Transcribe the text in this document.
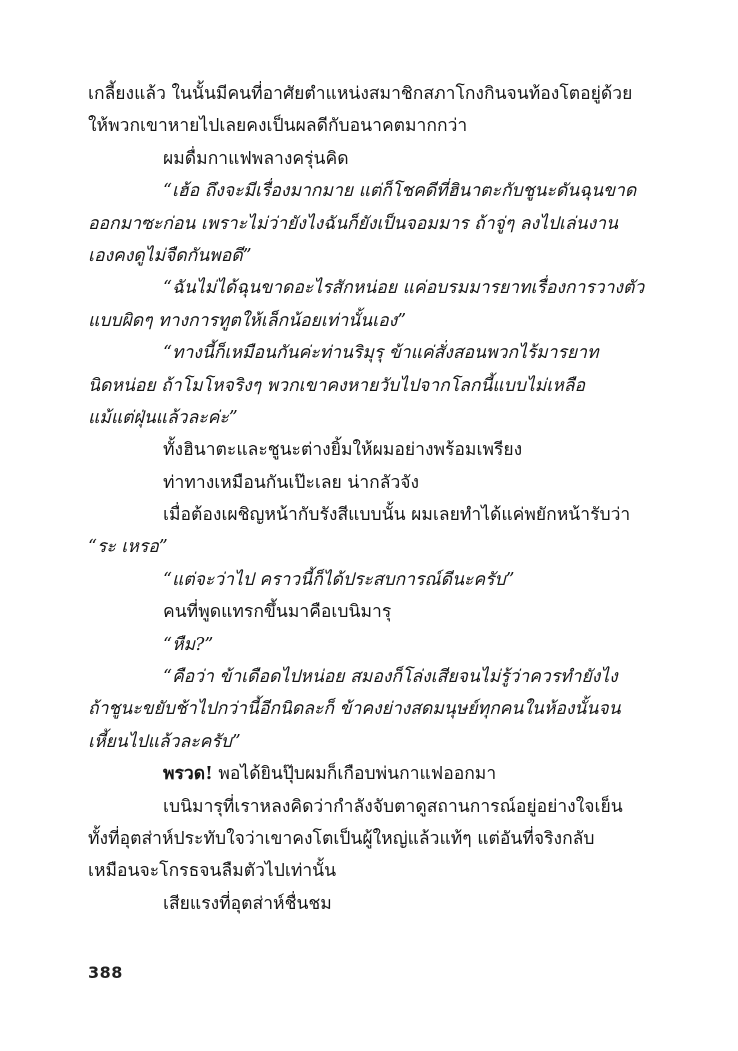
เกลี้ยงแล้ว ในนั้นมีคนที่อาศัยตำแหน่งสมาชิกสภาโกงกินจนท้องโตอยู่ด้วย
ให้พวกเขาหายไปเลยคงเป็นผลดีกับอนาคตมากกว่า
ผมดื่มกาแฟพลางครุ่นคิด
“เฮ้อ ถึงจะมีเรื่องมากมาย แต่ก็โชคดีที่ฮินาตะกับชูนะดันฉุนขาด
ออกมาซะก่อน เพราะไม่ว่ายังไงฉันก็ยังเป็นจอมมาร ถ้าจู่ๆ ลงไปเล่นงาน
เองคงดูไม่จืดกันพอดี”
“ฉันไม่ได้ฉุนขาดอะไรสักหน่อย แค่อบรมมารยาทเรื่องการวางตัว
แบบผิดๆ ทางการทูตให้เล็กน้อยเท่านั้นเอง”
“ทางนี้ก็เหมือนกันค่ะท่านริมุรุ ข้าแค่สั่งสอนพวกไร้มารยาท
นิดหน่อย ถ้าโมโหจริงๆ พวกเขาคงหายวับไปจากโลกนี้แบบไม่เหลือ
แม้แต่ฝุ่นแล้วละค่ะ”
ทั้งฮินาตะและชูนะต่างยิ้มให้ผมอย่างพร้อมเพรียง
ท่าทางเหมือนกันเป๊ะเลย น่ากลัวจัง
เมื่อต้องเผชิญหน้ากับรังสีแบบนั้น ผมเลยทำได้แค่พยักหน้ารับว่า
“ระ เหรอ”
“แต่จะว่าไป คราวนี้ก็ได้ประสบการณ์ดีนะครับ”
คนที่พูดแทรกขึ้นมาคือเบนิมารุ
“หืม?”
“คือว่า ข้าเดือดไปหน่อย สมองก็โล่งเสียจนไม่รู้ว่าควรทำยังไง
ถ้าชูนะขยับช้าไปกว่านี้อีกนิดละก็ ข้าคงย่างสดมนุษย์ทุกคนในห้องนั้นจน
เหี้ยนไปแล้วละครับ”
พรวด! พอได้ยินปุ๊บผมก็เกือบพ่นกาแฟออกมา
เบนิมารุที่เราหลงคิดว่ากำลังจับตาดูสถานการณ์อยู่อย่างใจเย็น
ทั้งที่อุตส่าห์ประทับใจว่าเขาคงโตเป็นผู้ใหญ่แล้วแท้ๆ แต่อันที่จริงกลับ
เหมือนจะโกรธจนลืมตัวไปเท่านั้น
เสียแรงที่อุตส่าห์ชื่นชม
388
